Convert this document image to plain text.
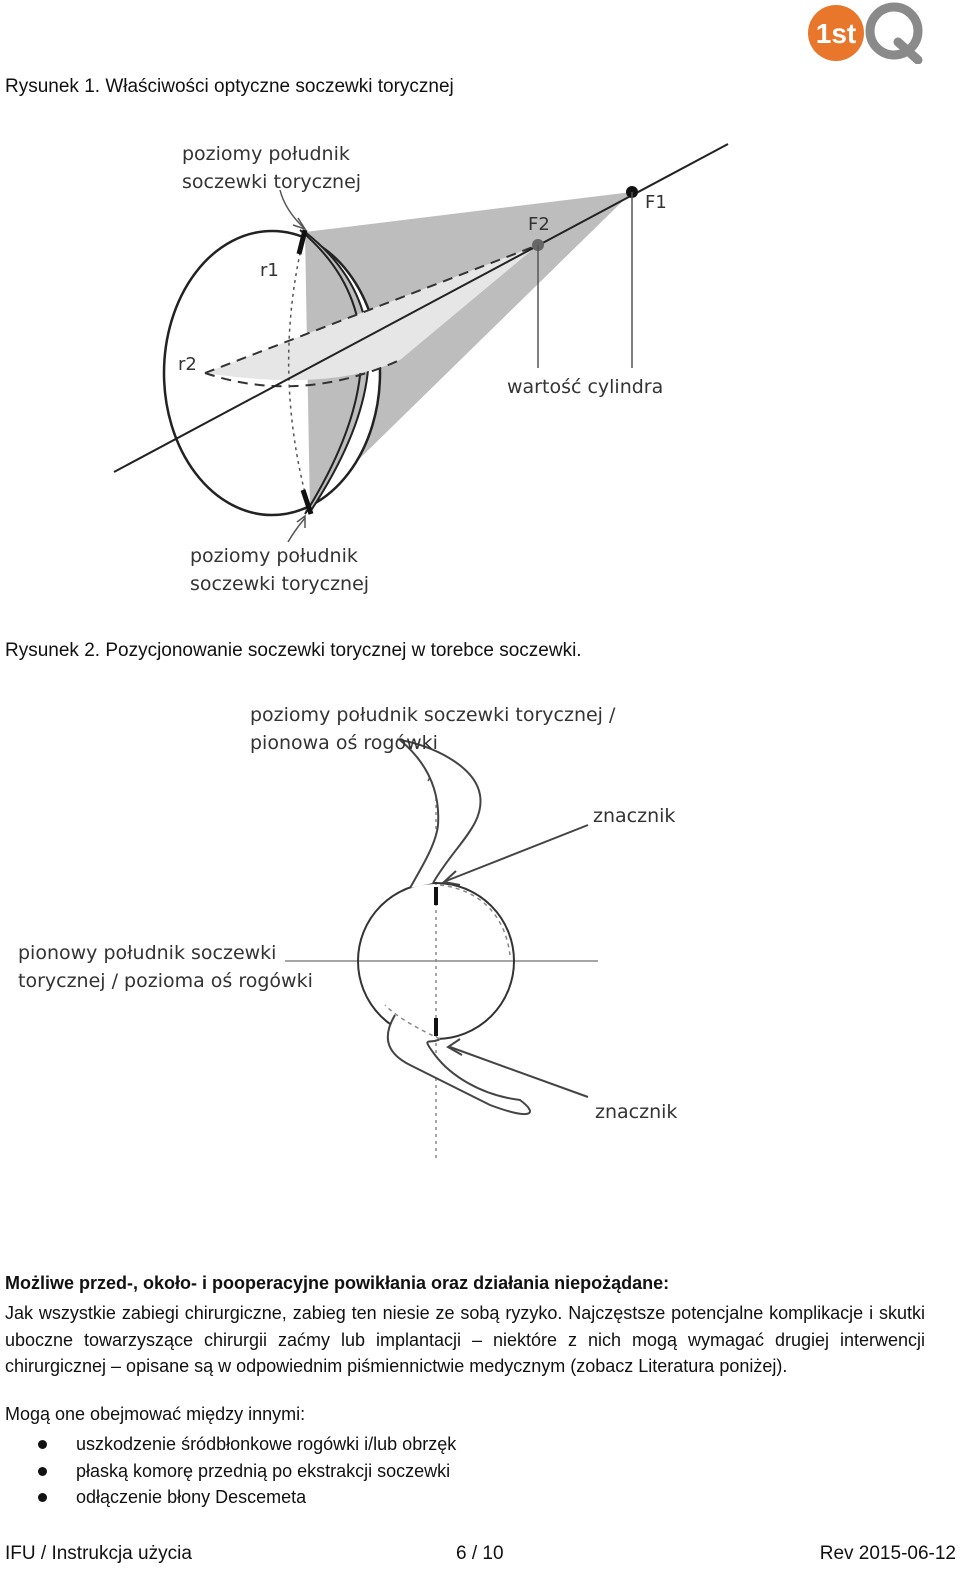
1st
Rysunek 1. Właściwości optyczne soczewki torycznej
poziomy południk
soczewki torycznej
r1
r2
F1
F2
wartość cylindra
poziomy południk
soczewki torycznej
Rysunek 2. Pozycjonowanie soczewki torycznej w torebce soczewki.
poziomy południk soczewki torycznej /
pionowa oś rogówki
pionowy południk soczewki
torycznej / pozioma oś rogówki
znacznik
znacznik
Możliwe przed-, około- i pooperacyjne powikłania oraz działania niepożądane:
Jak wszystkie zabiegi chirurgiczne, zabieg ten niesie ze sobą ryzyko. Najczęstsze potencjalne komplikacje i skutki uboczne towarzyszące chirurgii zaćmy lub implantacji – niektóre z nich mogą wymagać drugiej interwencji chirurgicznej – opisane są w odpowiednim piśmiennictwie medycznym (zobacz Literatura poniżej).
Mogą one obejmować między innymi:
uszkodzenie śródbłonkowe rogówki i/lub obrzęk
płaską komorę przednią po ekstrakcji soczewki
odłączenie błony Descemeta
IFU / Instrukcja użycia	6 / 10	Rev 2015-06-12
